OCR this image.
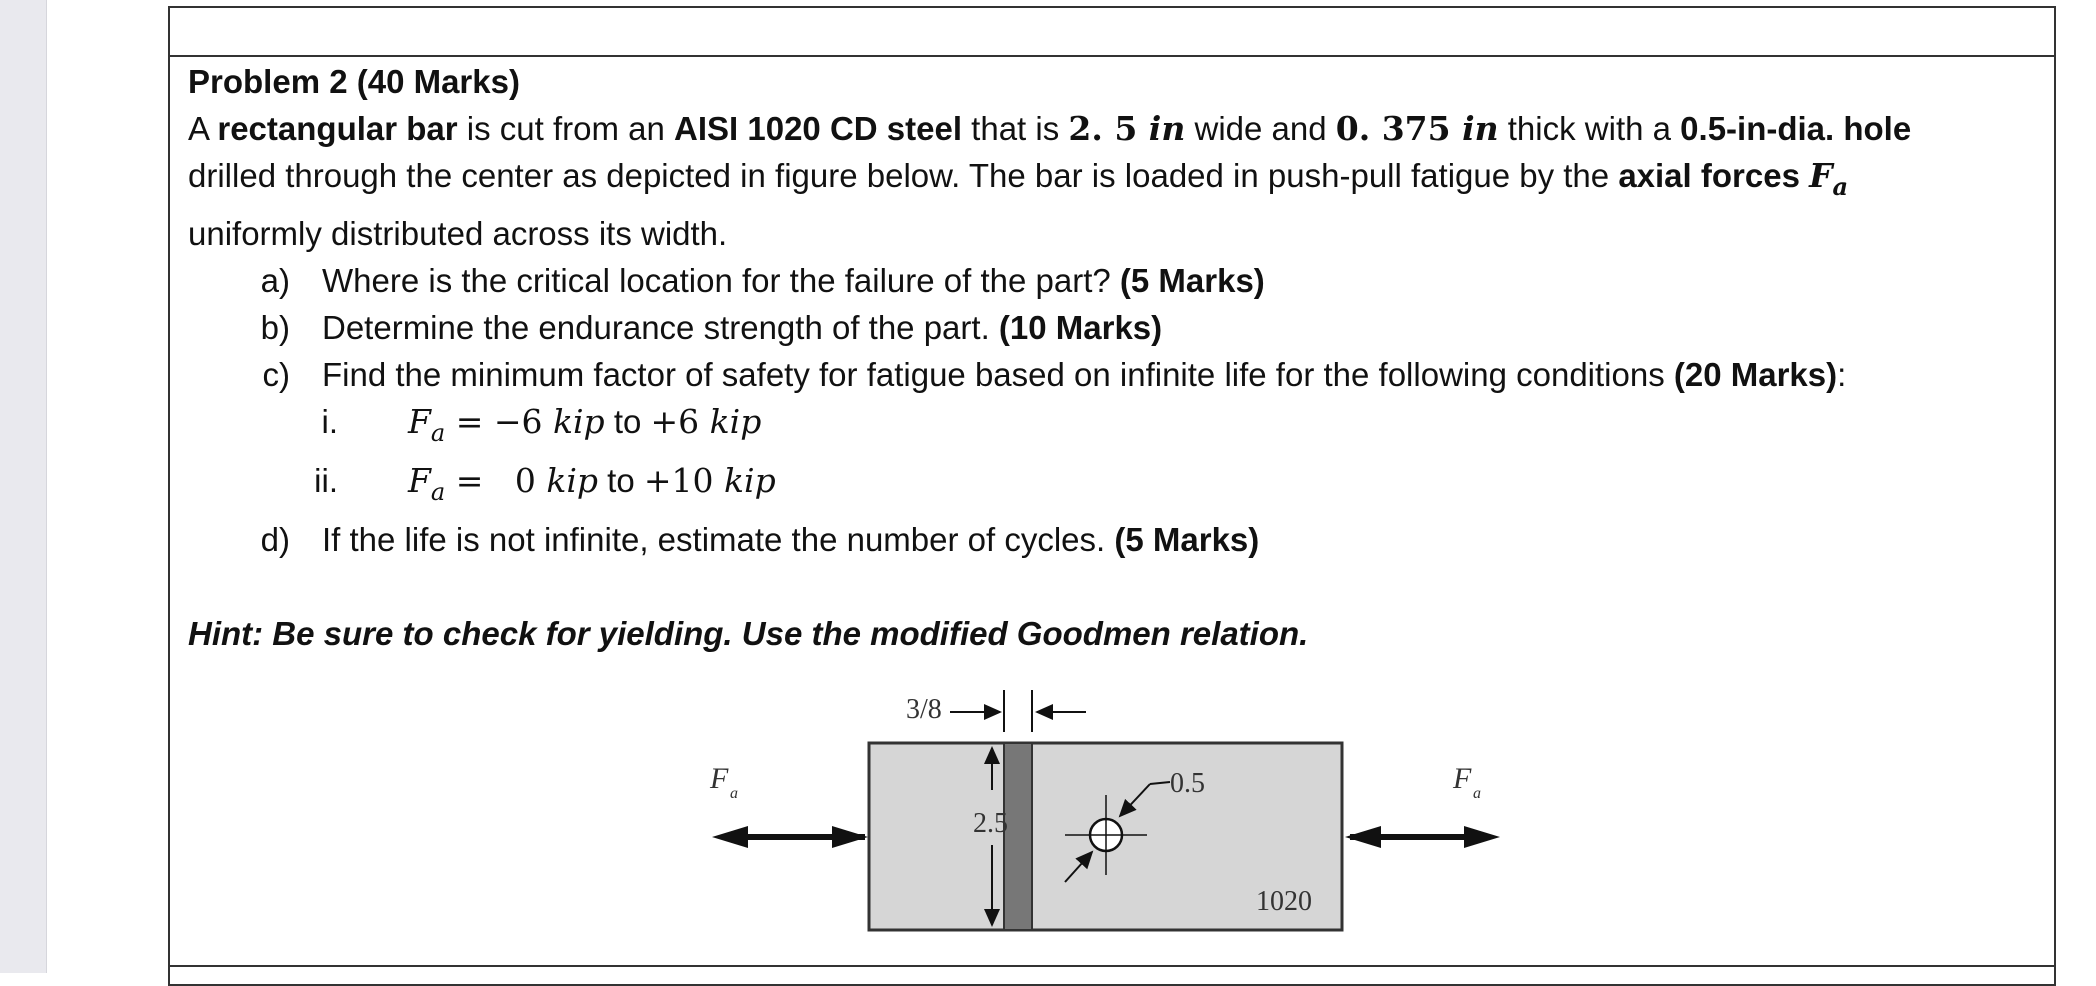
Problem 2 (40 Marks)
A rectangular bar is cut from an AISI 1020 CD steel that is 2. 5 in wide and 0. 375 in thick with a 0.5-in-dia. hole
drilled through the center as depicted in figure below. The bar is loaded in push-pull fatigue by the axial forces $F_a$
uniformly distributed across its width.
a) Where is the critical location for the failure of the part? (5 Marks)
b) Determine the endurance strength of the part. (10 Marks)
c) Find the minimum factor of safety for fatigue based on infinite life for the following conditions (20 Marks):
i. $F_a = -6$ kip to +6 kip
ii. $F_a = 0$ kip to +10 kip
d) If the life is not infinite, estimate the number of cycles. (5 Marks)
Hint: Be sure to check for yielding. Use the modified Goodmen relation.
3/8
2.5
0.5
1020
F a	F a
